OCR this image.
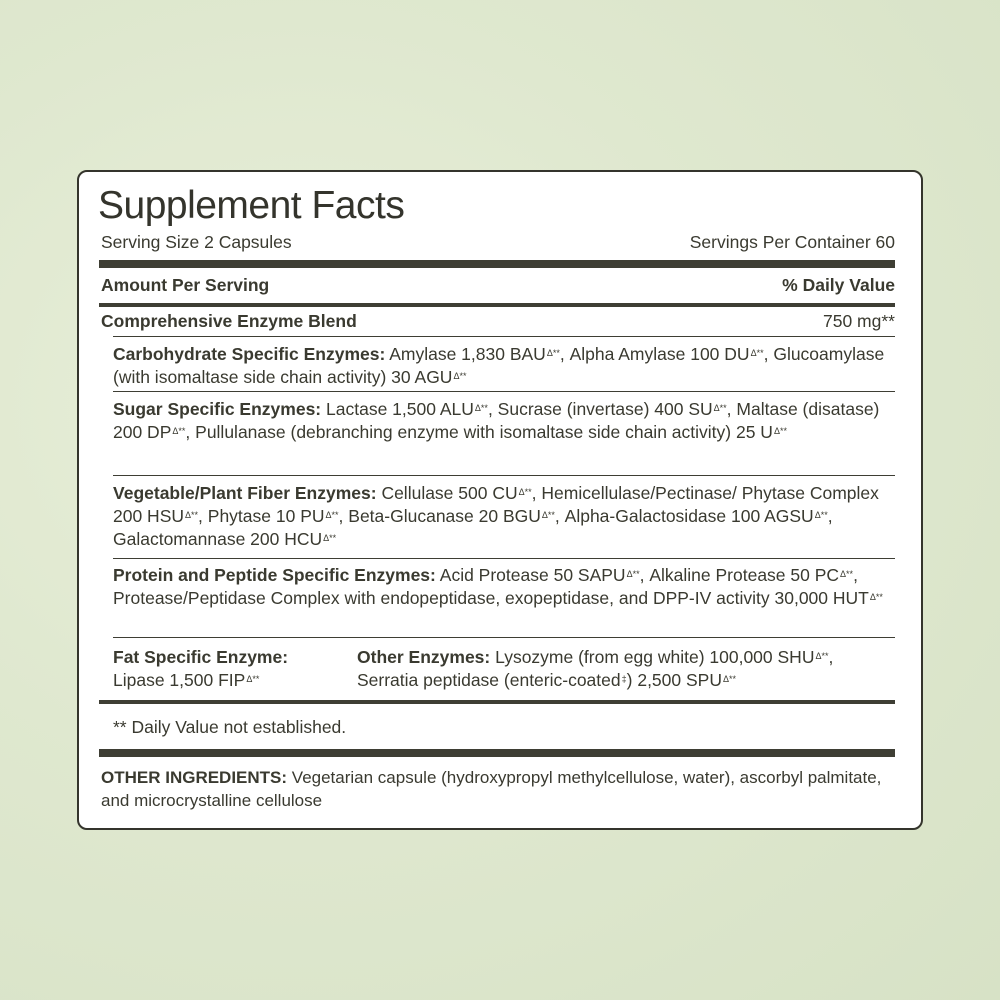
Supplement Facts
Serving Size 2 Capsules	Servings Per Container 60
Amount Per Serving	% Daily Value
Comprehensive Enzyme Blend	750 mg**
Carbohydrate Specific Enzymes: Amylase 1,830 $BAU^{\Delta**}$, Alpha Amylase 100 $DU^{\Delta**}$, Glucoamylase (with isomaltase side chain activity) 30 $AGU^{\Delta**}$
Sugar Specific Enzymes: Lactase 1,500 $ALU^{\Delta**}$, Sucrase (invertase) 400 $SU^{\Delta**}$, Maltase (disatase) 200 $DP^{\Delta**}$, Pullulanase (debranching enzyme with isomaltase side chain activity) 25 $U^{\Delta**}$
Vegetable/Plant Fiber Enzymes: Cellulase 500 $CU^{\Delta**}$, Hemicellulase/Pectinase/ Phytase Complex 200 $HSU^{\Delta**}$, Phytase 10 $PU^{\Delta**}$, Beta-Glucanase 20 $BGU^{\Delta**}$, Alpha-Galactosidase 100 $AGSU^{\Delta**}$, Galactomannase 200 $HCU^{\Delta**}$
Protein and Peptide Specific Enzymes: Acid Protease 50 $SAPU^{\Delta**}$, Alkaline Protease 50 $PC^{\Delta**}$, Protease/Peptidase Complex with endopeptidase, exopeptidase, and DPP-IV activity 30,000 $HUT^{\Delta**}$
Fat Specific Enzyme:
Lipase 1,500 $FIP^{\Delta**}$
Other Enzymes: Lysozyme (from egg white) 100,000 $SHU^{\Delta**}$, Serratia peptidase (enteric-coated‡) 2,500 $SPU^{\Delta**}$
** Daily Value not established.
OTHER INGREDIENTS: Vegetarian capsule (hydroxypropyl methylcellulose, water), ascorbyl palmitate, and microcrystalline cellulose
